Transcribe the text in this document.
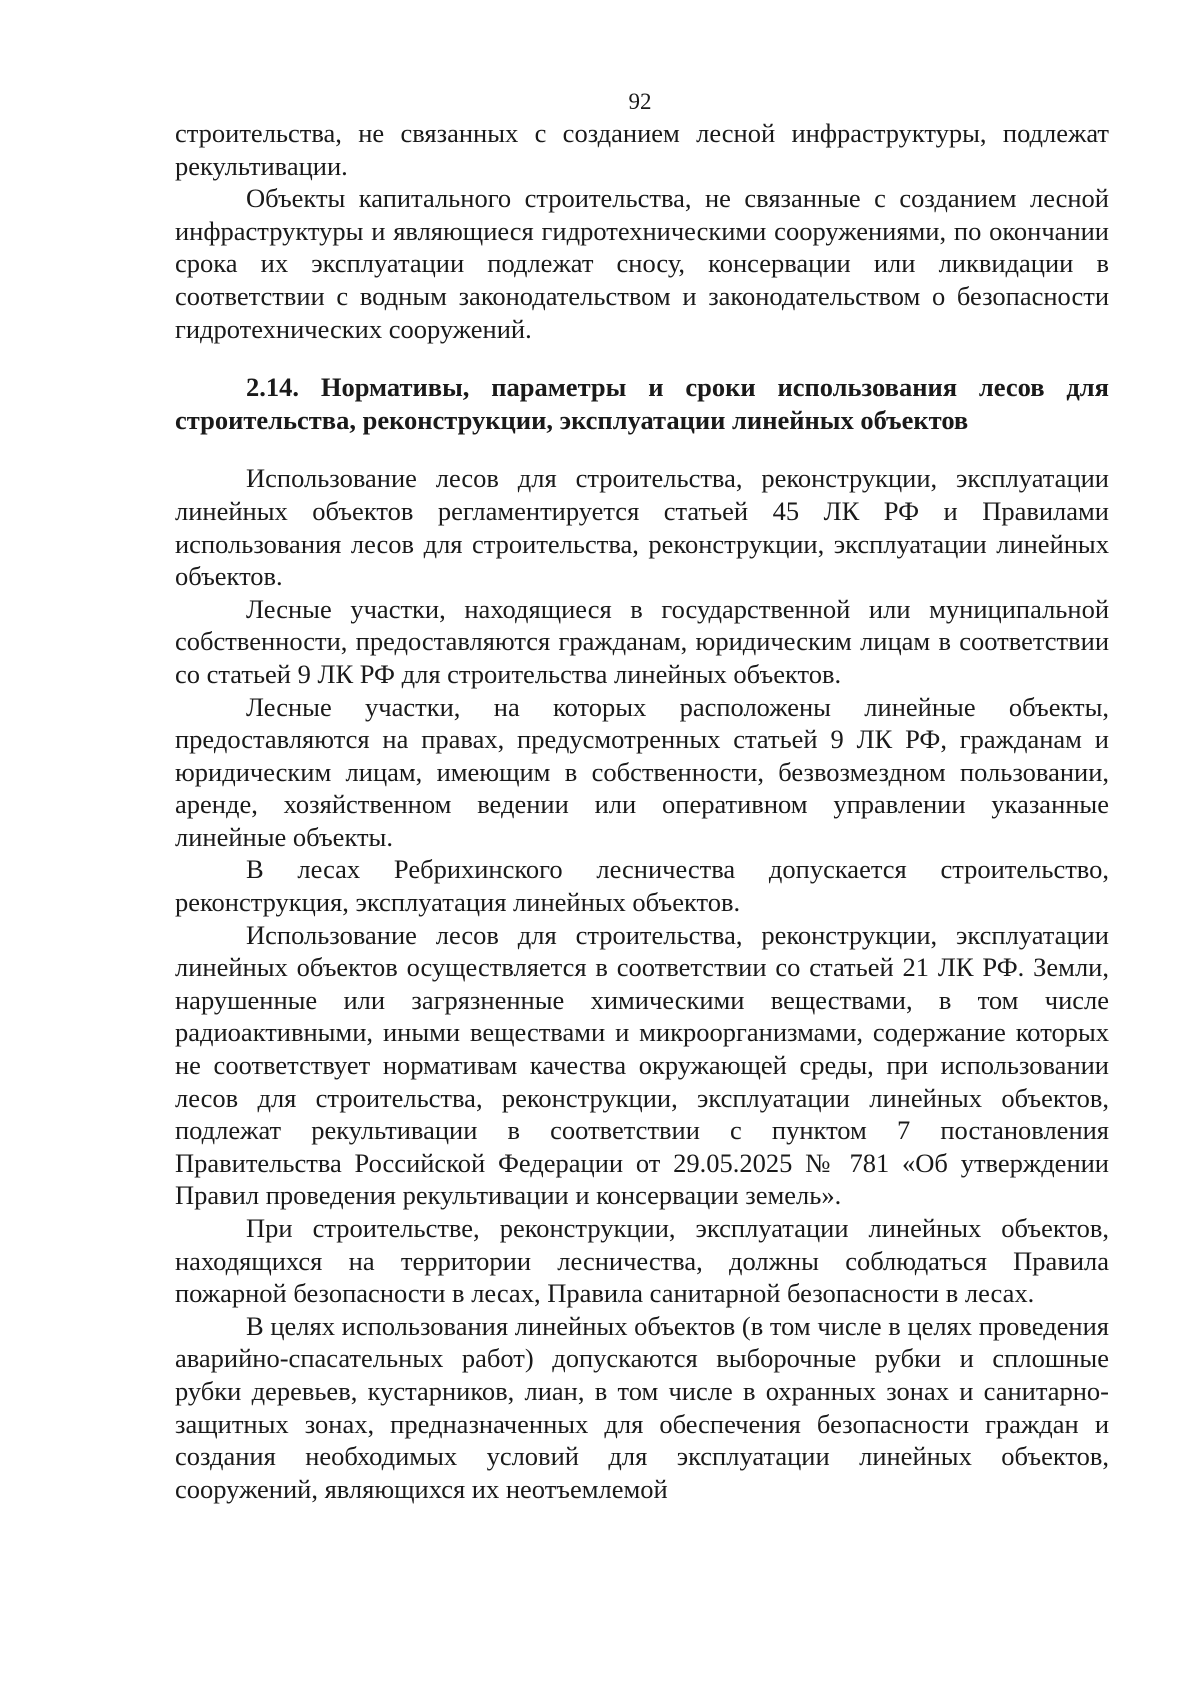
92

строительства, не связанных с созданием лесной инфраструктуры, подлежат рекультивации.

Объекты капитального строительства, не связанные с созданием лесной инфраструктуры и являющиеся гидротехническими сооружениями, по окончании срока их эксплуатации подлежат сносу, консервации или ликвидации в соответствии с водным законодательством и законодательством о безопасности гидротехнических сооружений.

2.14. Нормативы, параметры и сроки использования лесов для строительства, реконструкции, эксплуатации линейных объектов

Использование лесов для строительства, реконструкции, эксплуатации линейных объектов регламентируется статьей 45 ЛК РФ и Правилами использования лесов для строительства, реконструкции, эксплуатации линейных объектов.

Лесные участки, находящиеся в государственной или муниципальной собственности, предоставляются гражданам, юридическим лицам в соответствии со статьей 9 ЛК РФ для строительства линейных объектов.

Лесные участки, на которых расположены линейные объекты, предоставляются на правах, предусмотренных статьей 9 ЛК РФ, гражданам и юридическим лицам, имеющим в собственности, безвозмездном пользовании, аренде, хозяйственном ведении или оперативном управлении указанные линейные объекты.

В лесах Ребрихинского лесничества допускается строительство, реконструкция, эксплуатация линейных объектов.

Использование лесов для строительства, реконструкции, эксплуатации линейных объектов осуществляется в соответствии со статьей 21 ЛК РФ. Земли, нарушенные или загрязненные химическими веществами, в том числе радиоактивными, иными веществами и микроорганизмами, содержание которых не соответствует нормативам качества окружающей среды, при использовании лесов для строительства, реконструкции, эксплуатации линейных объектов, подлежат рекультивации в соответствии с пунктом 7 постановления Правительства Российской Федерации от 29.05.2025 № 781 «Об утверждении Правил проведения рекультивации и консервации земель».

При строительстве, реконструкции, эксплуатации линейных объектов, находящихся на территории лесничества, должны соблюдаться Правила пожарной безопасности в лесах, Правила санитарной безопасности в лесах.

В целях использования линейных объектов (в том числе в целях проведения аварийно-спасательных работ) допускаются выборочные рубки и сплошные рубки деревьев, кустарников, лиан, в том числе в охранных зонах и санитарно-защитных зонах, предназначенных для обеспечения безопасности граждан и создания необходимых условий для эксплуатации линейных объектов, сооружений, являющихся их неотъемлемой
